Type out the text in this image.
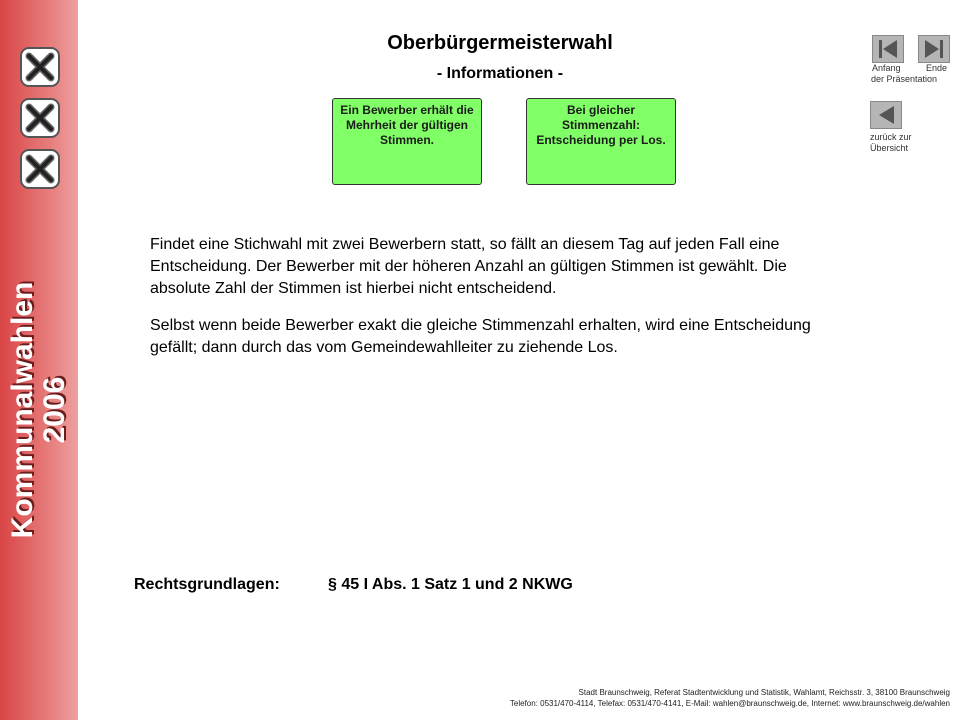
Kommunalwahlen 2006
Oberbürgermeisterwahl
- Informationen -
Ein Bewerber erhält die Mehrheit der gültigen Stimmen.
Bei gleicher Stimmenzahl: Entscheidung per Los.
Findet eine Stichwahl mit zwei Bewerbern statt, so fällt an diesem Tag auf jeden Fall eine Entscheidung. Der Bewerber mit der höheren Anzahl an gültigen Stimmen ist gewählt. Die absolute Zahl der Stimmen ist hierbei nicht entscheidend.
Selbst wenn beide Bewerber exakt die gleiche Stimmenzahl erhalten, wird eine Entscheidung gefällt; dann durch das vom Gemeindewahlleiter zu ziehende Los.
Rechtsgrundlagen:	§ 45 I Abs. 1 Satz 1 und 2 NKWG
Anfang	Ende
der Präsentation
zurück zur
Übersicht
Stadt Braunschweig, Referat Stadtentwicklung und Statistik, Wahlamt, Reichsstr. 3, 38100 Braunschweig
Telefon: 0531/470-4114, Telefax: 0531/470-4141, E-Mail: wahlen@braunschweig.de, Internet: www.braunschweig.de/wahlen
